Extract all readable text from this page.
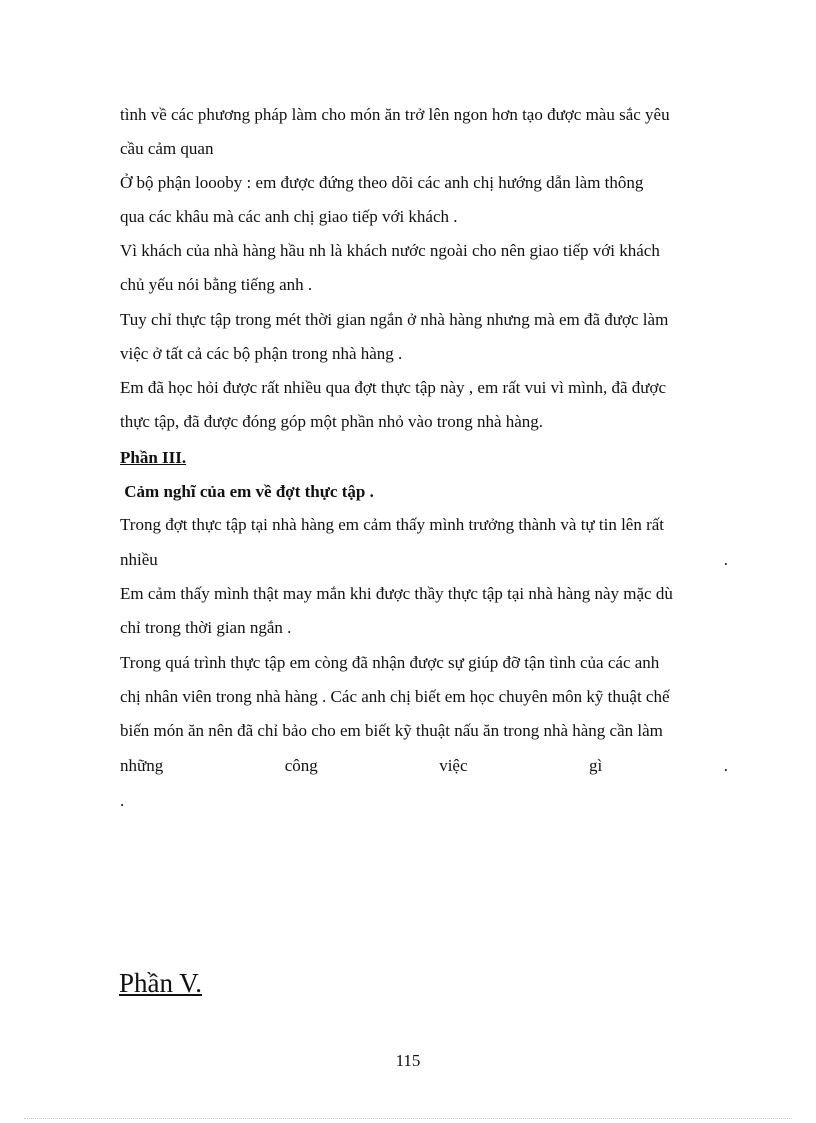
tình về các phương pháp làm cho món ăn trở lên ngon hơn tạo được màu sắc yêu
cầu cảm quan
Ở bộ phận loooby : em được đứng theo dõi các anh chị hướng dẫn làm thông
qua các khâu mà các anh chị giao tiếp với khách .
Vì khách của nhà hàng hầu nh là khách nước ngoài cho nên giao tiếp với khách
chủ yếu nói bằng tiếng anh .
Tuy chỉ thực tập trong mét thời gian ngắn ở nhà hàng nhưng mà em đã được làm
việc ở tất cả các bộ phận trong nhà hàng .
Em đã học hỏi được rất nhiều qua đợt thực tập này , em rất vui vì mình, đã được
thực tập, đã được đóng góp một phần nhỏ vào trong nhà hàng.
Phần III.
Cảm nghĩ của em về đợt thực tập .
Trong đợt thực tập tại nhà hàng em cảm thấy mình trưởng thành và tự tin lên rất
nhiều	.
Em cảm thấy mình thật may mắn khi được thầy thực tập tại nhà hàng này mặc dù
chỉ trong thời gian ngắn .
Trong quá trình thực tập em còng đã nhận được sự giúp đỡ tận tình của các anh
chị nhân viên trong nhà hàng . Các anh chị biết em học chuyên môn kỹ thuật chế
biến món ăn nên đã chỉ bảo cho em biết kỹ thuật nấu ăn trong nhà hàng cần làm
những	công	việc	gì	.
.
Phần V.
115
